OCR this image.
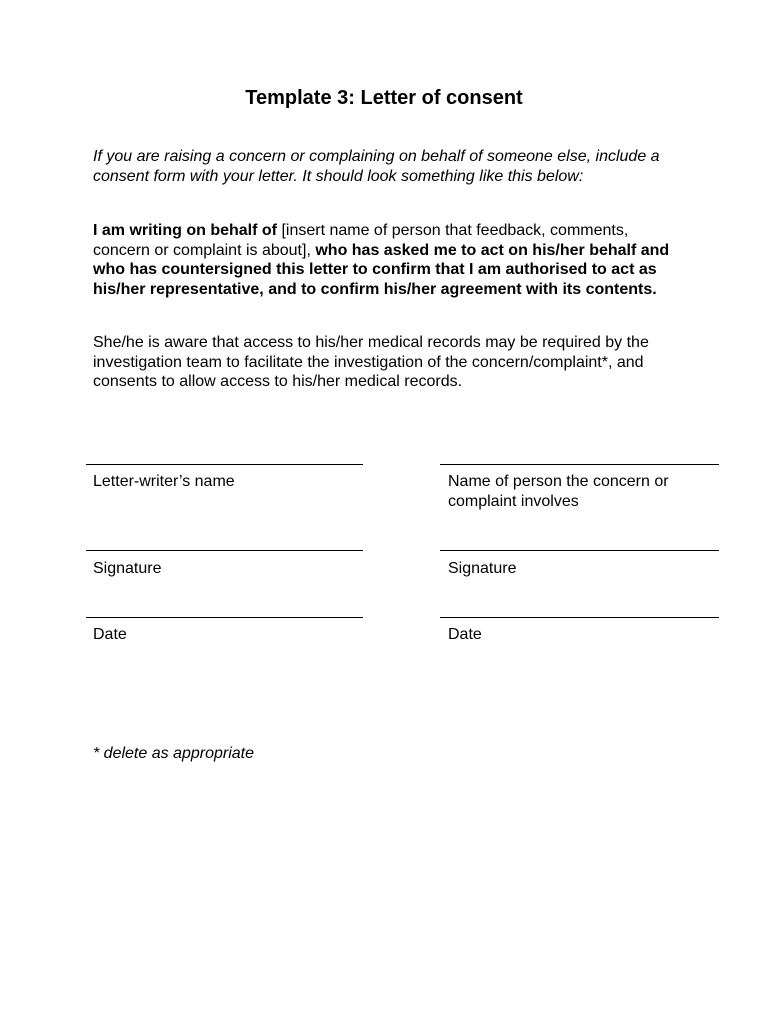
Template 3: Letter of consent

If you are raising a concern or complaining on behalf of someone else, include a consent form with your letter. It should look something like this below:

I am writing on behalf of [insert name of person that feedback, comments, concern or complaint is about], who has asked me to act on his/her behalf and who has countersigned this letter to confirm that I am authorised to act as his/her representative, and to confirm his/her agreement with its contents.

She/he is aware that access to his/her medical records may be required by the investigation team to facilitate the investigation of the concern/complaint*, and consents to allow access to his/her medical records.

Letter-writer’s name

Signature

Date

Name of person the concern or complaint involves

Signature

Date

* delete as appropriate
